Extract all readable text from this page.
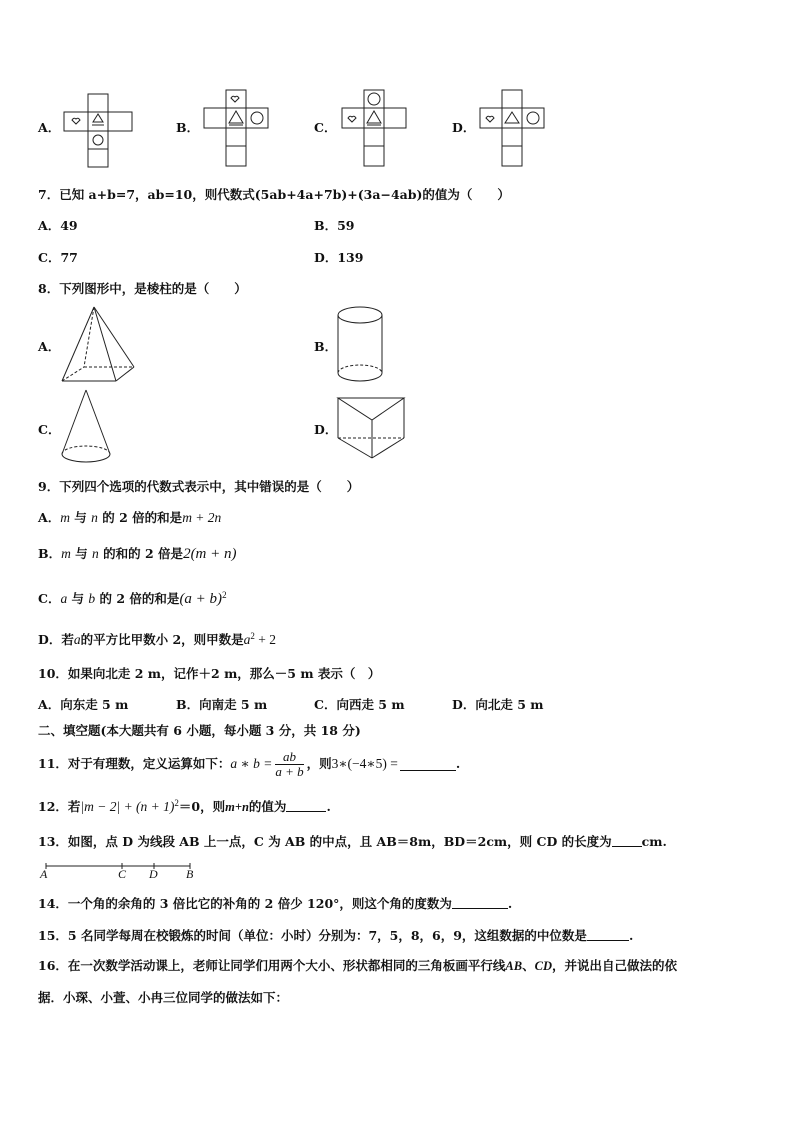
A．	B．	C．	D．
7．已知 a+b=7，ab=10，则代数式(5ab+4a+7b)+(3a−4ab)的值为（　　）
A．49	B．59
C．77	D．139
8．下列图形中，是棱柱的是（　　）
A．	B．
C．	D．
9．下列四个选项的代数式表示中，其中错误的是（　　）
A．m 与 n 的 2 倍的和是m + 2n
B．m 与 n 的和的 2 倍是2(m + n)
C．a 与 b 的 2 倍的和是$(a + b)^2$
D．若a的平方比甲数小 2，则甲数是$a^2 + 2$
10．如果向北走 2 m，记作＋2 m，那么－5 m 表示（　）
A．向东走 5 m	B．向南走 5 m	C．向西走 5 m	D．向北走 5 m
二、填空题(本大题共有 6 小题，每小题 3 分，共 18 分)
11．对于有理数，定义运算如下： a ∗ $b = \frac{ab}{a + b}$ ，则 3∗(−4∗5) =	.
12．若$|m - 2| + (n + 1)^2=0$，则m+n的值为	.
13．如图，点 D 为线段 AB 上一点，C 为 AB 的中点，且 AB＝8m，BD＝2cm，则 CD 的长度为 cm.
A	C D B
14．一个角的余角的 3 倍比它的补角的 2 倍少 120°，则这个角的度数为	.
15．5 名同学每周在校锻炼的时间（单位：小时）分别为：7，5，8，6，9，这组数据的中位数是	.
16．在一次数学活动课上，老师让同学们用两个大小、形状都相同的三角板画平行线AB、CD，并说出自己做法的依
据．小琛、小萱、小冉三位同学的做法如下：
